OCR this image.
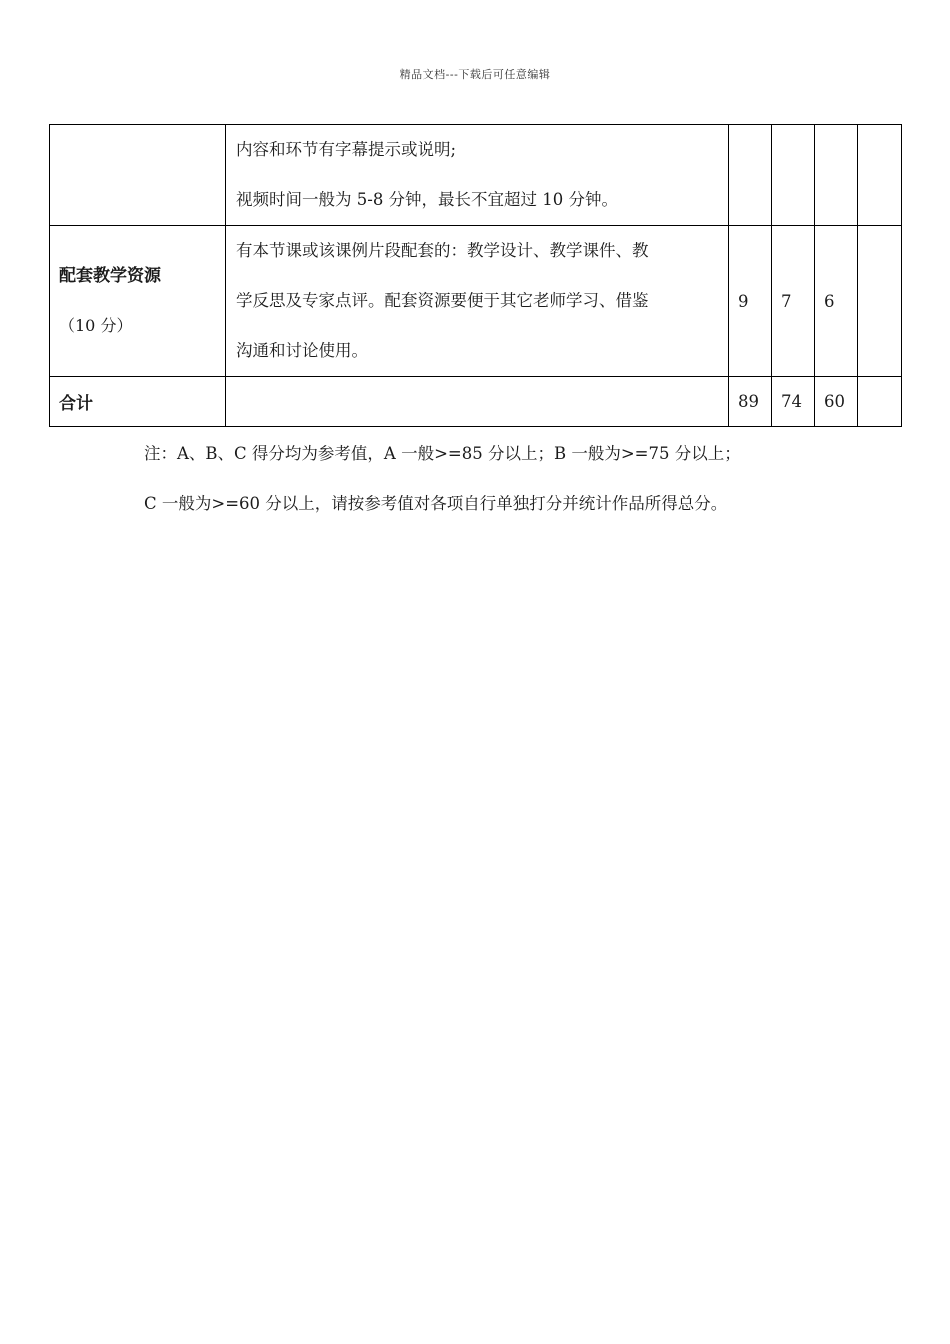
精品文档---下载后可任意编辑

	内容和环节有字幕提示或说明;
视频时间一般为 5-8 分钟，最长不宜超过 10 分钟。				

配套教学资源
（10 分）	有本节课或该课例片段配套的：教学设计、教学课件、教
学反思及专家点评。配套资源要便于其它老师学习、借鉴
沟通和讨论使用。	9	7	6	
合计		89	74	60	
注：A、B、C 得分均为参考值，A 一般>=85 分以上；B 一般为>=75 分以上；
C 一般为>=60 分以上，请按参考值对各项自行单独打分并统计作品所得总分。
